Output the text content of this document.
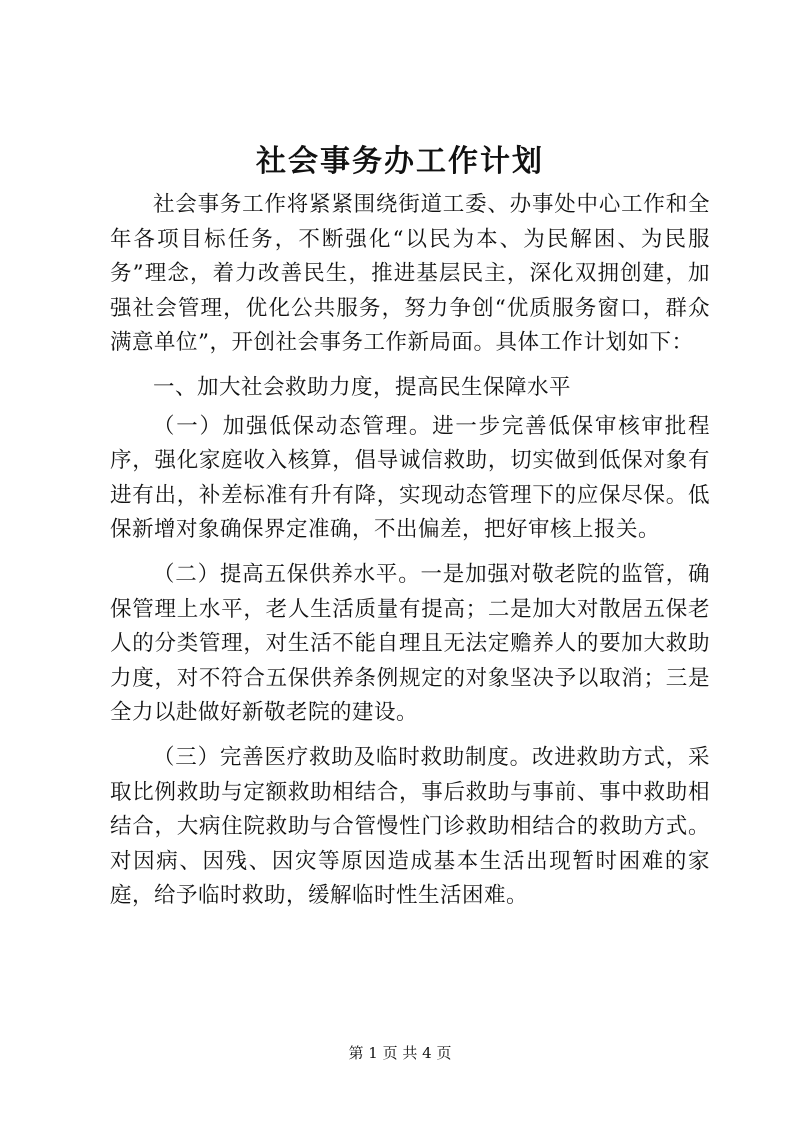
社会事务办工作计划

社会事务工作将紧紧围绕街道工委、办事处中心工作和全年各项目标任务，不断强化“以民为本、为民解困、为民服务”理念，着力改善民生，推进基层民主，深化双拥创建，加强社会管理，优化公共服务，努力争创“优质服务窗口，群众满意单位”，开创社会事务工作新局面。具体工作计划如下：

一、加大社会救助力度，提高民生保障水平

（一）加强低保动态管理。进一步完善低保审核审批程序，强化家庭收入核算，倡导诚信救助，切实做到低保对象有进有出，补差标准有升有降，实现动态管理下的应保尽保。低保新增对象确保界定准确，不出偏差，把好审核上报关。

（二）提高五保供养水平。一是加强对敬老院的监管，确保管理上水平，老人生活质量有提高；二是加大对散居五保老人的分类管理，对生活不能自理且无法定赡养人的要加大救助力度，对不符合五保供养条例规定的对象坚决予以取消；三是全力以赴做好新敬老院的建设。

（三）完善医疗救助及临时救助制度。改进救助方式，采取比例救助与定额救助相结合，事后救助与事前、事中救助相结合，大病住院救助与合管慢性门诊救助相结合的救助方式。对因病、因残、因灾等原因造成基本生活出现暂时困难的家庭，给予临时救助，缓解临时性生活困难。

第 1 页 共 4 页
